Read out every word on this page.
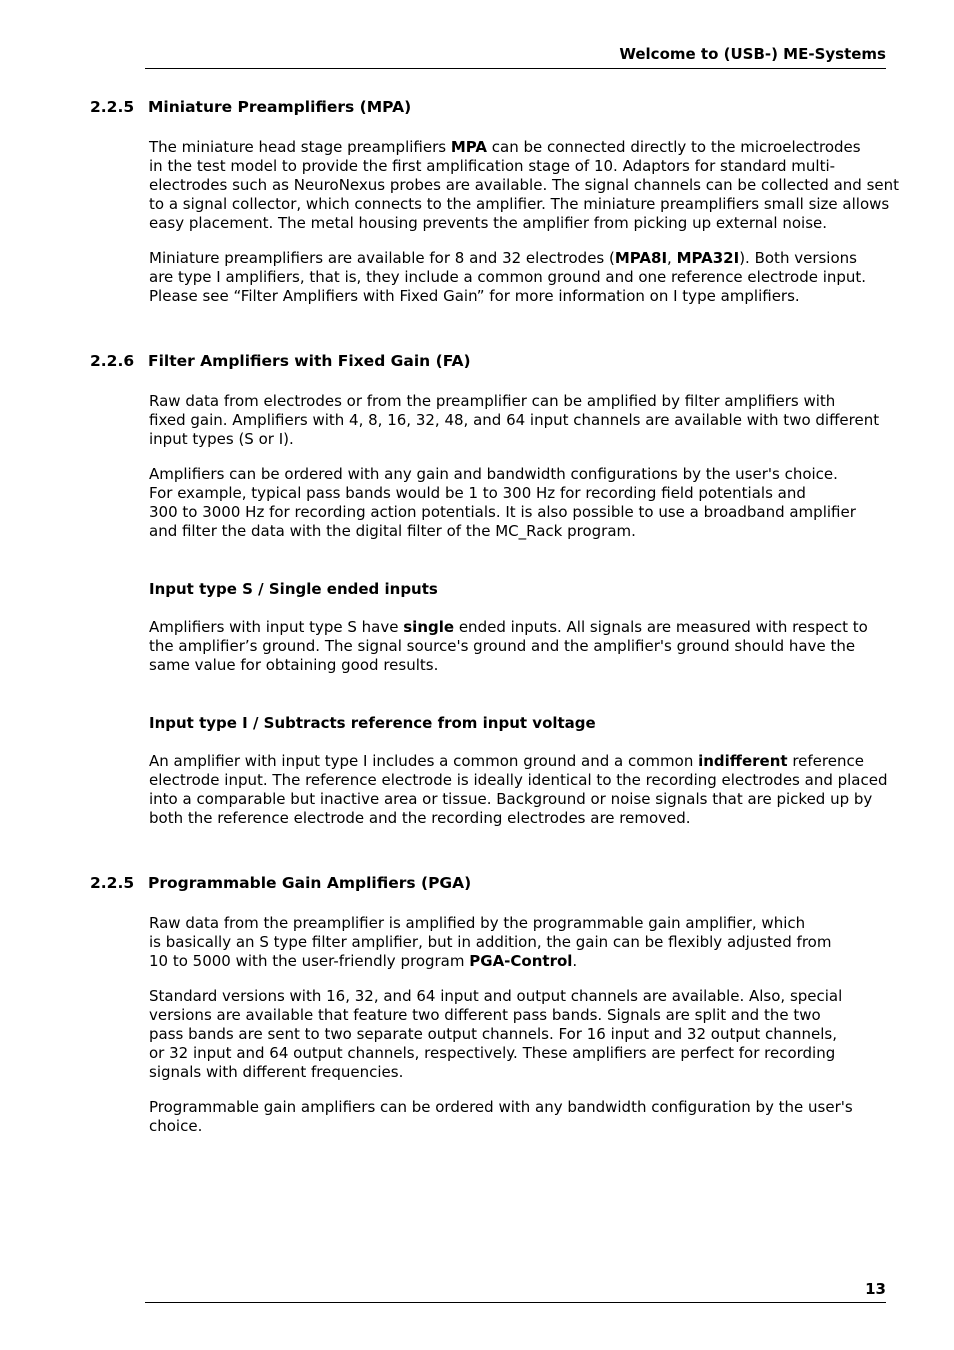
Welcome to (USB-) ME-Systems
2.2.5 Miniature Preamplifiers (MPA)
The miniature head stage preamplifiers MPA can be connected directly to the microelectrodes
in the test model to provide the first amplification stage of 10. Adaptors for standard multi-
electrodes such as NeuroNexus probes are available. The signal channels can be collected and sent
to a signal collector, which connects to the amplifier. The miniature preamplifiers small size allows
easy placement. The metal housing prevents the amplifier from picking up external noise.
Miniature preamplifiers are available for 8 and 32 electrodes (MPA8I, MPA32I). Both versions
are type I amplifiers, that is, they include a common ground and one reference electrode input.
Please see “Filter Amplifiers with Fixed Gain” for more information on I type amplifiers.
2.2.6 Filter Amplifiers with Fixed Gain (FA)
Raw data from electrodes or from the preamplifier can be amplified by filter amplifiers with
fixed gain. Amplifiers with 4, 8, 16, 32, 48, and 64 input channels are available with two different
input types (S or I).
Amplifiers can be ordered with any gain and bandwidth configurations by the user's choice.
For example, typical pass bands would be 1 to 300 Hz for recording field potentials and
300 to 3000 Hz for recording action potentials. It is also possible to use a broadband amplifier
and filter the data with the digital filter of the MC_Rack program.
Input type S / Single ended inputs
Amplifiers with input type S have single ended inputs. All signals are measured with respect to
the amplifier’s ground. The signal source's ground and the amplifier's ground should have the
same value for obtaining good results.
Input type I / Subtracts reference from input voltage
An amplifier with input type I includes a common ground and a common indifferent reference
electrode input. The reference electrode is ideally identical to the recording electrodes and placed
into a comparable but inactive area or tissue. Background or noise signals that are picked up by
both the reference electrode and the recording electrodes are removed.
2.2.5 Programmable Gain Amplifiers (PGA)
Raw data from the preamplifier is amplified by the programmable gain amplifier, which
is basically an S type filter amplifier, but in addition, the gain can be flexibly adjusted from
10 to 5000 with the user-friendly program PGA-Control.
Standard versions with 16, 32, and 64 input and output channels are available. Also, special
versions are available that feature two different pass bands. Signals are split and the two
pass bands are sent to two separate output channels. For 16 input and 32 output channels,
or 32 input and 64 output channels, respectively. These amplifiers are perfect for recording
signals with different frequencies.
Programmable gain amplifiers can be ordered with any bandwidth configuration by the user's
choice.
13
